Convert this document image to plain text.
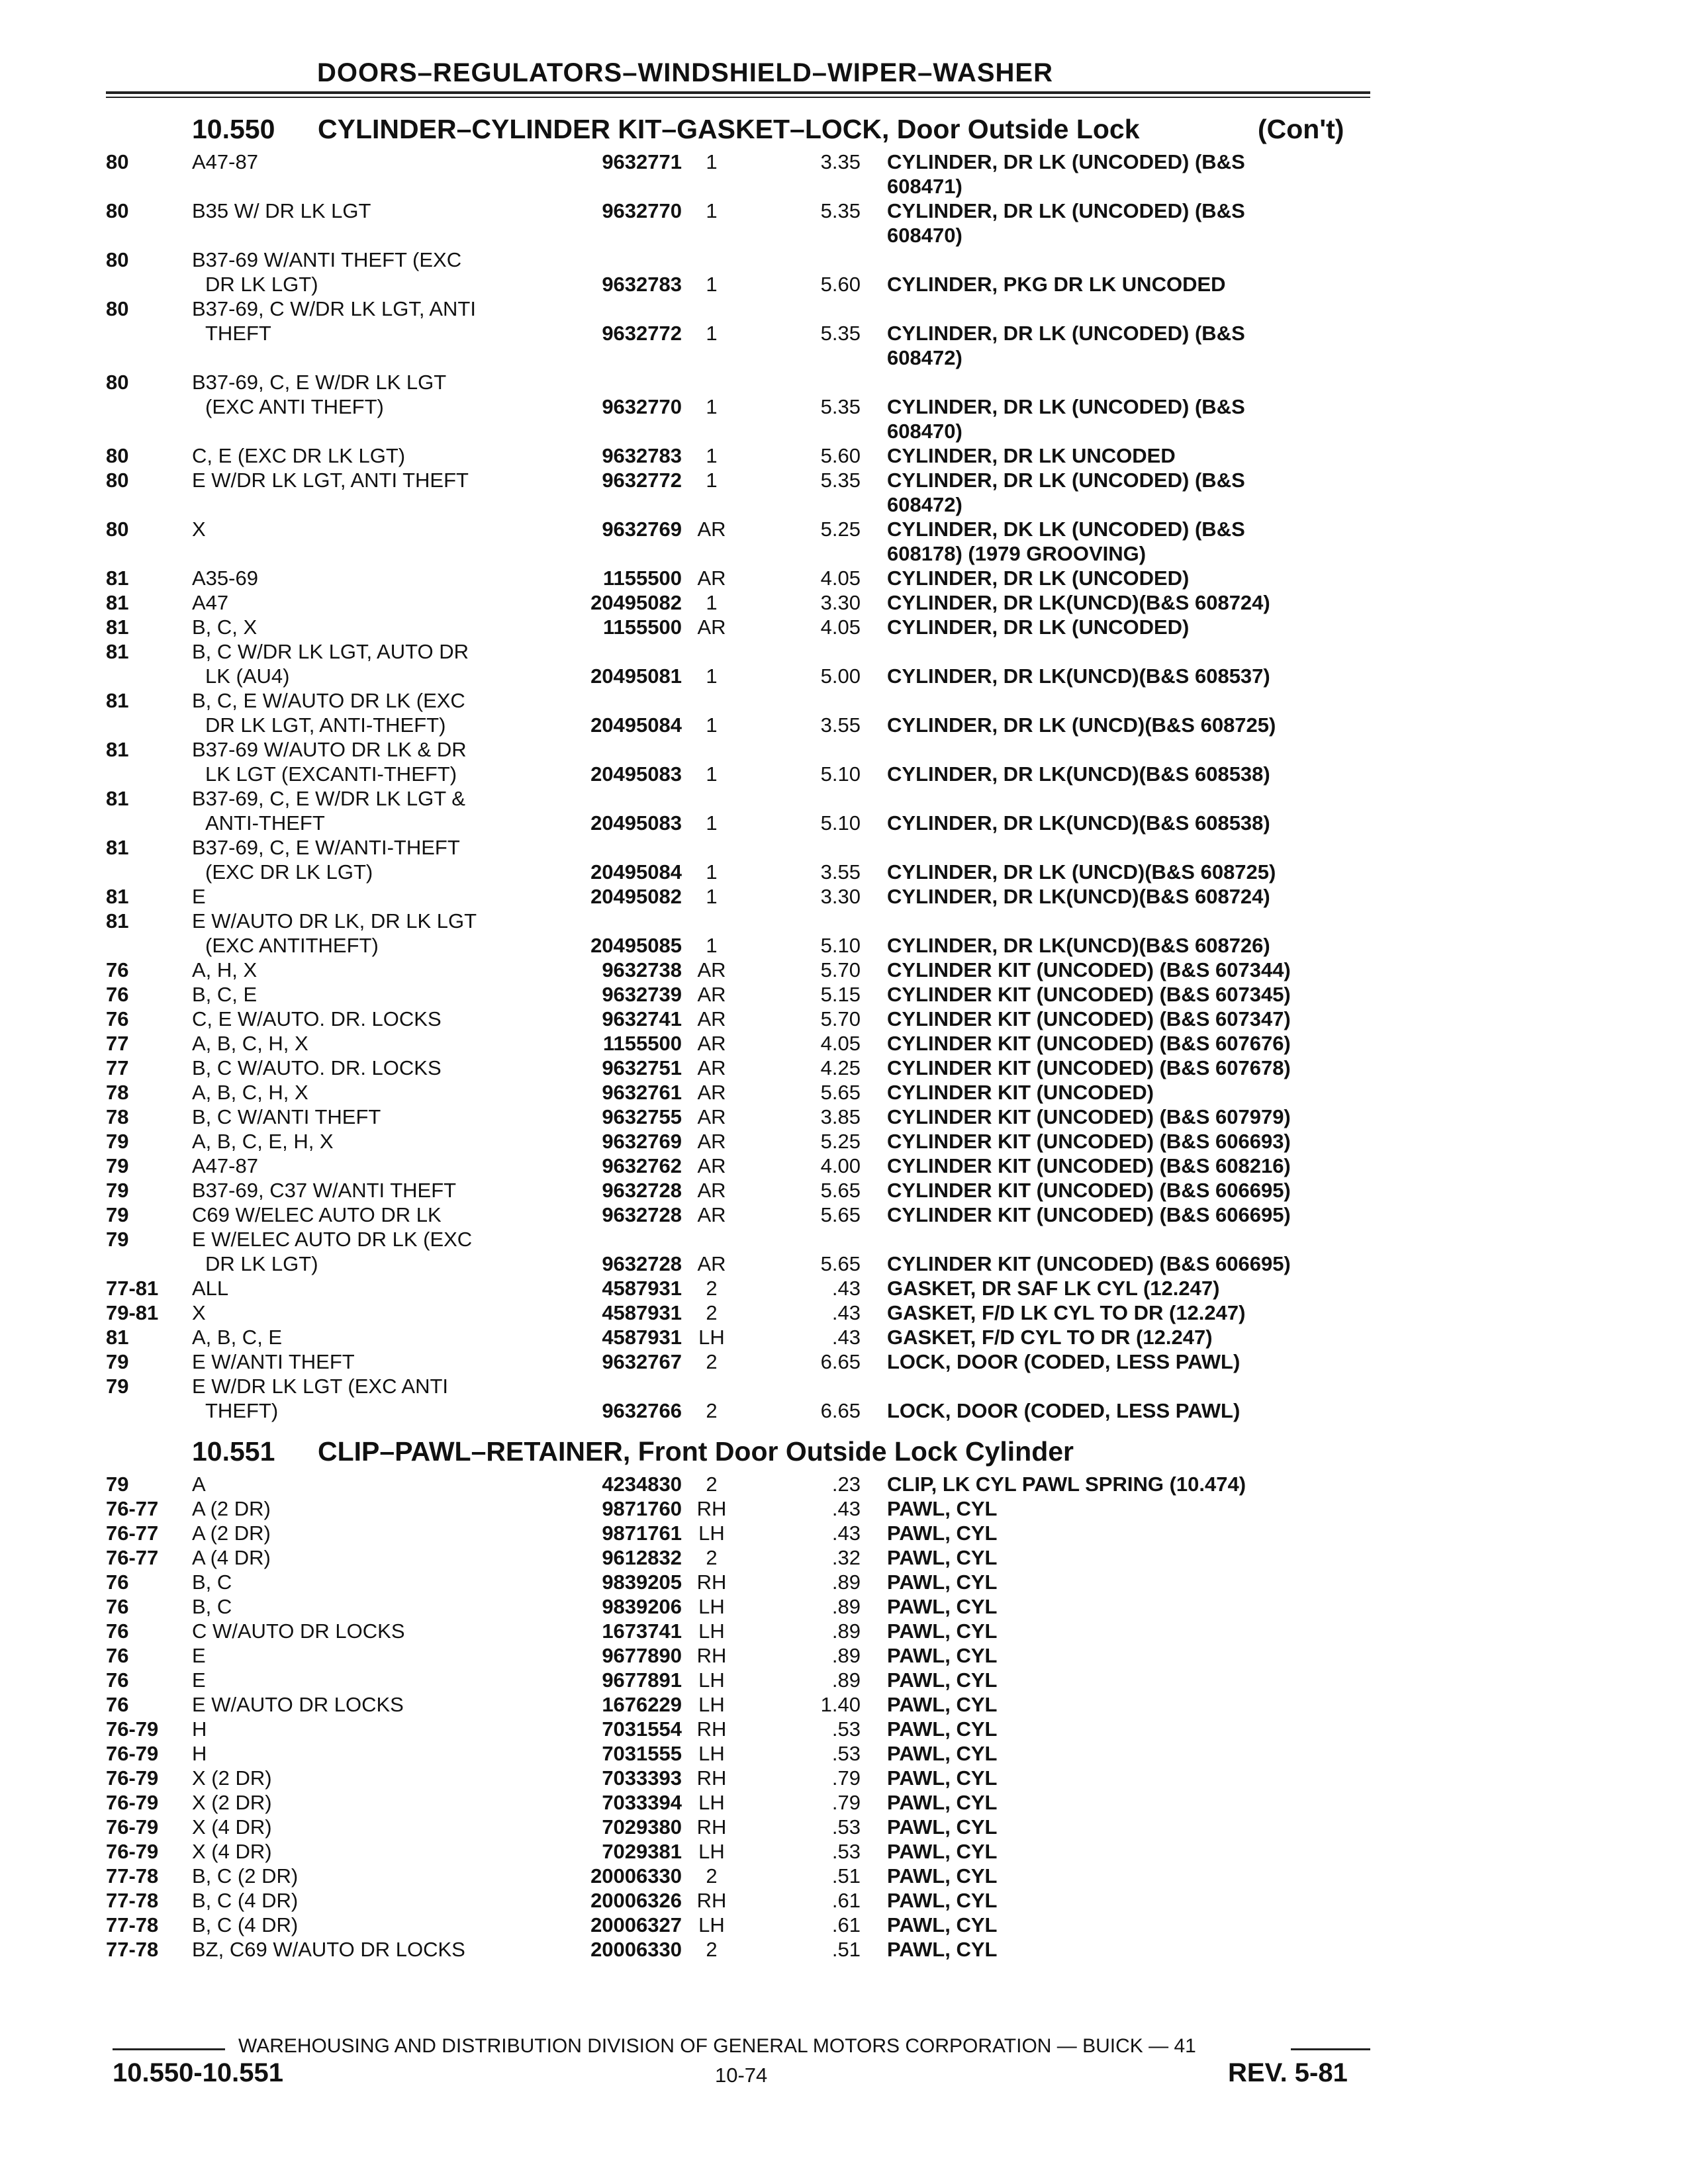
DOORS–REGULATORS–WINDSHIELD–WIPER–WASHER
10.550 CYLINDER–CYLINDER KIT–GASKET–LOCK, Door Outside Lock	(Con't)
80	A47-87	9632771	1	3.35 CYLINDER, DR LK (UNCODED) (B&S
608471)
80	B35 W/ DR LK LGT	9632770	1	5.35 CYLINDER, DR LK (UNCODED) (B&S
608470)
80	B37-69 W/ANTI THEFT (EXC
DR LK LGT)	9632783	1	5.60 CYLINDER, PKG DR LK UNCODED
80	B37-69, C W/DR LK LGT, ANTI
THEFT	9632772	1	5.35 CYLINDER, DR LK (UNCODED) (B&S
608472)
80	B37-69, C, E W/DR LK LGT
(EXC ANTI THEFT)	9632770	1	5.35 CYLINDER, DR LK (UNCODED) (B&S
608470)
80	C, E (EXC DR LK LGT)	9632783	1	5.60 CYLINDER, DR LK UNCODED
80	E W/DR LK LGT, ANTI THEFT	9632772	1	5.35 CYLINDER, DR LK (UNCODED) (B&S
608472)
80	X	9632769 AR	5.25 CYLINDER, DK LK (UNCODED) (B&S
608178) (1979 GROOVING)
81	A35-69	1155500 AR	4.05 CYLINDER, DR LK (UNCODED)
81	A47	20495082	1	3.30 CYLINDER, DR LK(UNCD)(B&S 608724)
81	B, C, X	1155500 AR	4.05 CYLINDER, DR LK (UNCODED)
81	B, C W/DR LK LGT, AUTO DR
LK (AU4)	20495081	1	5.00 CYLINDER, DR LK(UNCD)(B&S 608537)
81	B, C, E W/AUTO DR LK (EXC
DR LK LGT, ANTI-THEFT)	20495084	1	3.55 CYLINDER, DR LK (UNCD)(B&S 608725)
81	B37-69 W/AUTO DR LK & DR
LK LGT (EXCANTI-THEFT)	20495083	1	5.10 CYLINDER, DR LK(UNCD)(B&S 608538)
81	B37-69, C, E W/DR LK LGT &
ANTI-THEFT	20495083	1	5.10 CYLINDER, DR LK(UNCD)(B&S 608538)
81	B37-69, C, E W/ANTI-THEFT
(EXC DR LK LGT)	20495084	1	3.55 CYLINDER, DR LK (UNCD)(B&S 608725)
81	E	20495082	1	3.30 CYLINDER, DR LK(UNCD)(B&S 608724)
81	E W/AUTO DR LK, DR LK LGT
(EXC ANTITHEFT)	20495085	1	5.10 CYLINDER, DR LK(UNCD)(B&S 608726)
76	A, H, X	9632738 AR	5.70 CYLINDER KIT (UNCODED) (B&S 607344)
76	B, C, E	9632739 AR	5.15 CYLINDER KIT (UNCODED) (B&S 607345)
76	C, E W/AUTO. DR. LOCKS	9632741 AR	5.70 CYLINDER KIT (UNCODED) (B&S 607347)
77	A, B, C, H, X	1155500 AR	4.05 CYLINDER KIT (UNCODED) (B&S 607676)
77	B, C W/AUTO. DR. LOCKS	9632751 AR	4.25 CYLINDER KIT (UNCODED) (B&S 607678)
78	A, B, C, H, X	9632761 AR	5.65 CYLINDER KIT (UNCODED)
78	B, C W/ANTI THEFT	9632755 AR	3.85 CYLINDER KIT (UNCODED) (B&S 607979)
79	A, B, C, E, H, X	9632769 AR	5.25 CYLINDER KIT (UNCODED) (B&S 606693)
79	A47-87	9632762 AR	4.00 CYLINDER KIT (UNCODED) (B&S 608216)
79	B37-69, C37 W/ANTI THEFT	9632728 AR	5.65 CYLINDER KIT (UNCODED) (B&S 606695)
79	C69 W/ELEC AUTO DR LK	9632728 AR	5.65 CYLINDER KIT (UNCODED) (B&S 606695)
79	E W/ELEC AUTO DR LK (EXC
DR LK LGT)	9632728 AR	5.65 CYLINDER KIT (UNCODED) (B&S 606695)
77-81 ALL	4587931	2	.43 GASKET, DR SAF LK CYL (12.247)
79-81 X	4587931	2	.43 GASKET, F/D LK CYL TO DR (12.247)
81	A, B, C, E	4587931 LH	.43 GASKET, F/D CYL TO DR (12.247)
79	E W/ANTI THEFT	9632767	2	6.65 LOCK, DOOR (CODED, LESS PAWL)
79	E W/DR LK LGT (EXC ANTI
THEFT)	9632766	2	6.65 LOCK, DOOR (CODED, LESS PAWL)
10.551 CLIP–PAWL–RETAINER, Front Door Outside Lock Cylinder
79	A	4234830	2	.23 CLIP, LK CYL PAWL SPRING (10.474)
76-77 A (2 DR)	9871760 RH	.43 PAWL, CYL
76-77 A (2 DR)	9871761 LH	.43 PAWL, CYL
76-77 A (4 DR)	9612832	2	.32 PAWL, CYL
76	B, C	9839205 RH	.89 PAWL, CYL
76	B, C	9839206 LH	.89 PAWL, CYL
76	C W/AUTO DR LOCKS	1673741 LH	.89 PAWL, CYL
76	E	9677890 RH	.89 PAWL, CYL
76	E	9677891 LH	.89 PAWL, CYL
76	E W/AUTO DR LOCKS	1676229 LH	1.40 PAWL, CYL
76-79 H	7031554 RH	.53 PAWL, CYL
76-79 H	7031555 LH	.53 PAWL, CYL
76-79 X (2 DR)	7033393 RH	.79 PAWL, CYL
76-79 X (2 DR)	7033394 LH	.79 PAWL, CYL
76-79 X (4 DR)	7029380 RH	.53 PAWL, CYL
76-79 X (4 DR)	7029381 LH	.53 PAWL, CYL
77-78 B, C (2 DR)	20006330	2	.51 PAWL, CYL
77-78 B, C (4 DR)	20006326 RH	.61 PAWL, CYL
77-78 B, C (4 DR)	20006327 LH	.61 PAWL, CYL
77-78 BZ, C69 W/AUTO DR LOCKS	20006330	2	.51 PAWL, CYL
WAREHOUSING AND DISTRIBUTION DIVISION OF GENERAL MOTORS CORPORATION — BUICK — 41
10.550-10.551	10-74	REV. 5-81
